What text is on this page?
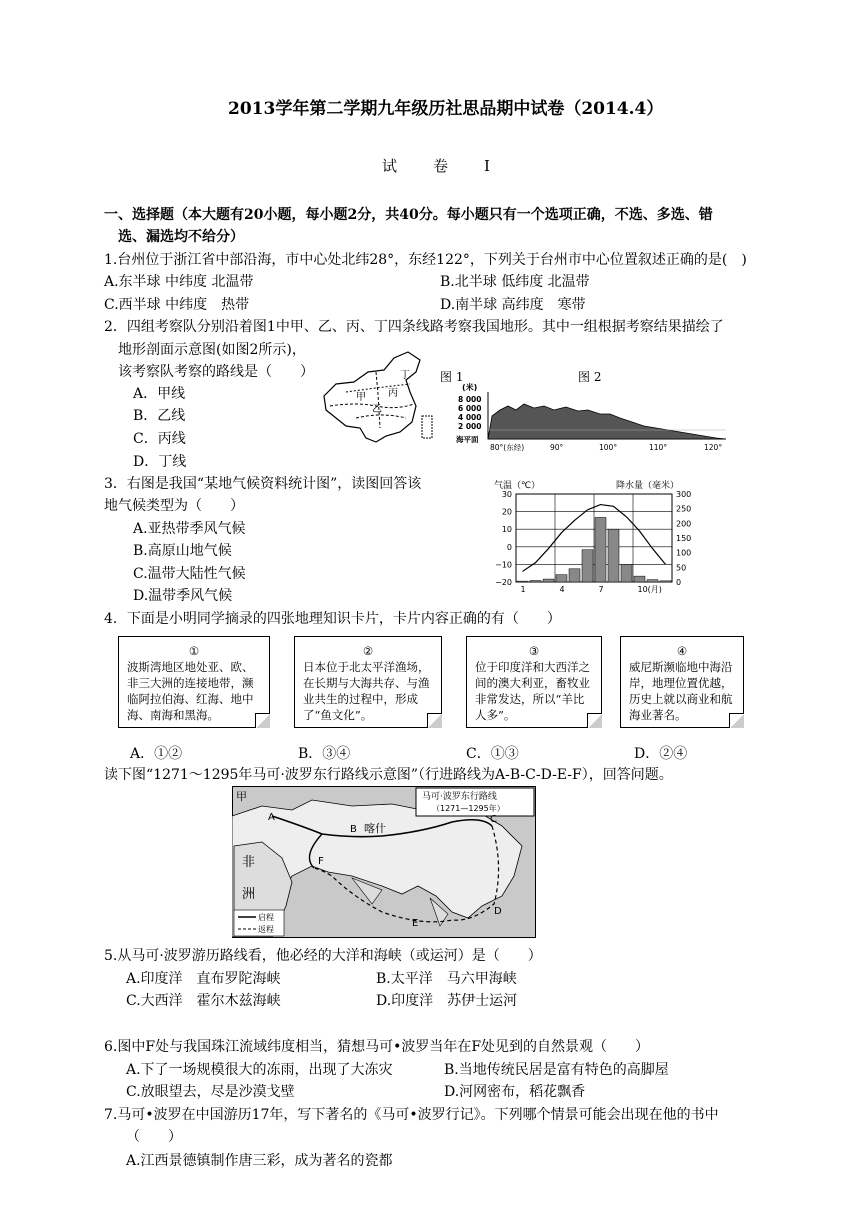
2013学年第二学期九年级历社思品期中试卷（2014.4）
试　　卷　　I
一、选择题（本大题有20小题，每小题2分，共40分。每小题只有一个选项正确，不选、多选、错
选、漏选均不给分）
1.台州位于浙江省中部沿海，市中心处北纬28°，东经122°，下列关于台州市中心位置叙述正确的是(　)
A.东半球 中纬度 北温带	B.北半球 低纬度 北温带
C.西半球 中纬度　热带	D.南半球 高纬度　寒带
2．四组考察队分别沿着图1中甲、乙、丙、丁四条线路考察我国地形。其中一组根据考察结果描绘了
地形剖面示意图(如图2所示)，
该考察队考察的路线是（　　）
A．甲线
B．乙线
C．丙线
D．丁线
图 1	图 2
丁
丙
乙
甲
(米)
8 000
6 000
4 000
2 000
海平面
80°(东经)	90°	100°	110°	120°
3．右图是我国“某地气候资料统计图”，读图回答该
地气候类型为（　　）
A.亚热带季风气候
B.高原山地气候
C.温带大陆性气候
D.温带季风气候
气温（℃）	降水量（毫米）
30
20
10
0
−10
−20
300
250
200
150
100
50
0
1	4	7	10(月)
4．下面是小明同学摘录的四张地理知识卡片，卡片内容正确的有（　　）
①

波斯湾地区地处亚、欧、非三大洲的连接地带，濒临阿拉伯海、红海、地中海、南海和黑海。

②

日本位于北太平洋渔场，在长期与大海共存、与渔业共生的过程中，形成了“鱼文化”。

③

位于印度洋和大西洋之间的澳大利亚，畜牧业非常发达，所以“羊比人多”。

④

威尼斯濒临地中海沿岸，地理位置优越，历史上就以商业和航海业著名。

A．①②	B．③④	C．①③	D．②④
读下图“1271～1295年马可·波罗东行路线示意图”（行进路线为A-B-C-D-E-F），回答问题。
马可·波罗东行路线
（1271—1295年）
喀什
甲
非
洲
A
B
C
D
E
F
启程
返程
5.从马可·波罗游历路线看，他必经的大洋和海峡（或运河）是（　　）
A.印度洋　直布罗陀海峡	B.太平洋　马六甲海峡
C.大西洋　霍尔木兹海峡	D.印度洋　苏伊士运河
6.图中F处与我国珠江流域纬度相当，猜想马可•波罗当年在F处见到的自然景观（　　）
A.下了一场规模很大的冻雨，出现了大冻灾	B.当地传统民居是富有特色的高脚屋
C.放眼望去，尽是沙漠戈壁	D.河网密布，稻花飘香
7.马可•波罗在中国游历17年，写下著名的《马可•波罗行记》。下列哪个情景可能会出现在他的书中
（　　）
A.江西景德镇制作唐三彩，成为著名的瓷都
